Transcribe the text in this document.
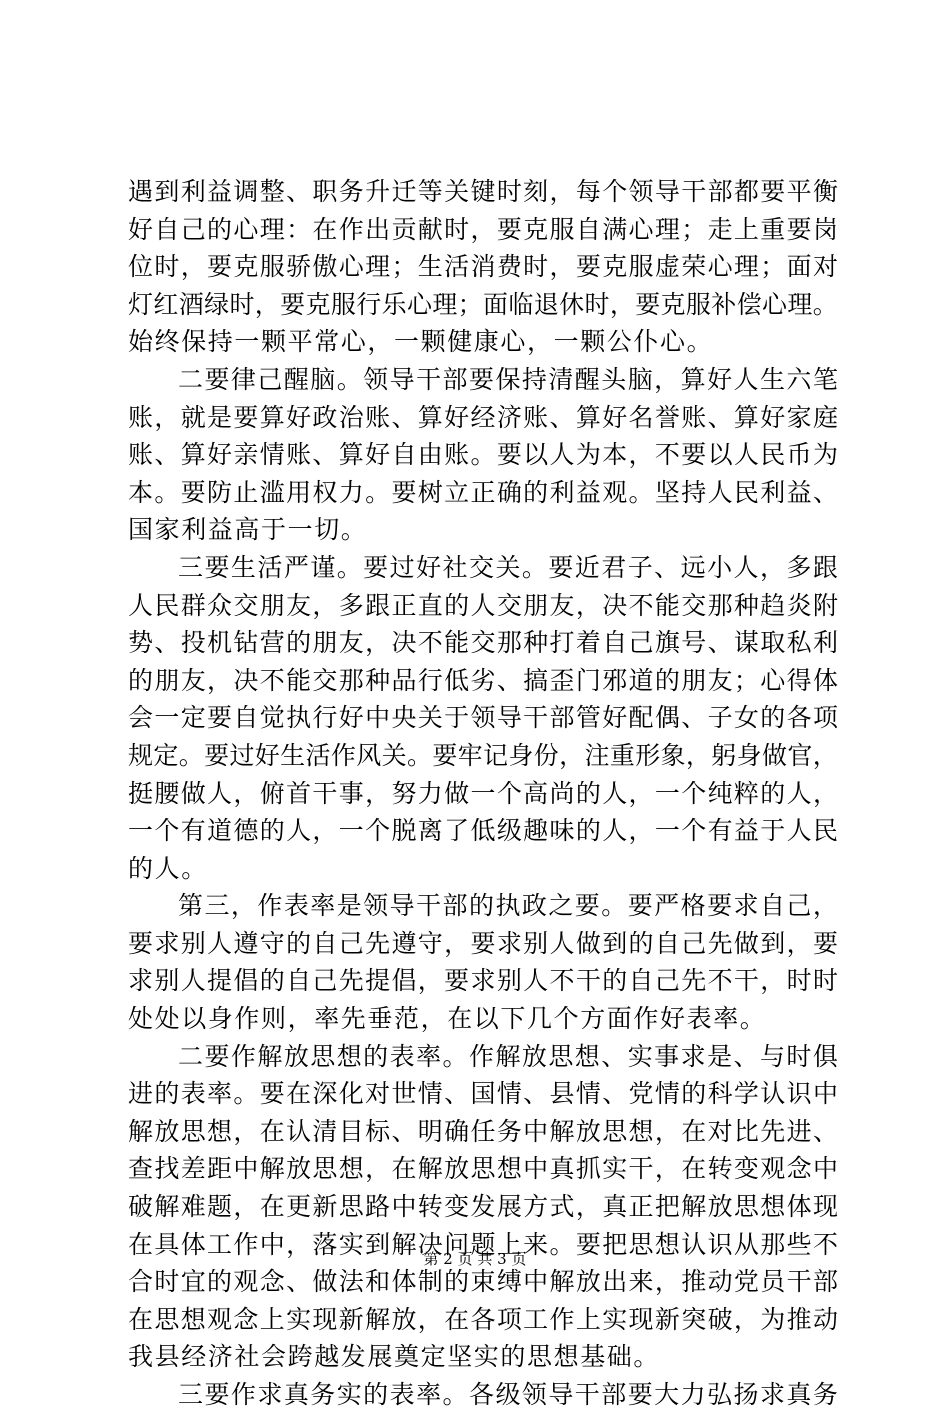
遇 到 利 益 调 整 、 职 务 升 迁 等 关 键 时 刻 ， 每 个 领 导 干 部 都 要 平 衡
好 自 己 的 心 理 ： 在 作 出 贡 献 时 ， 要 克 服 自 满 心 理 ； 走 上 重 要 岗
位 时 ， 要 克 服 骄 傲 心 理 ； 生 活 消 费 时 ， 要 克 服 虚 荣 心 理 ； 面 对
灯 红 酒 绿 时 ， 要 克 服 行 乐 心 理 ； 面 临 退 休 时 ， 要 克 服 补 偿 心 理 。
始终保持一颗平常心，一颗健康心，一颗公仆心。
二 要 律 己 醒 脑 。 领 导 干 部 要 保 持 清 醒 头 脑 ， 算 好 人 生 六 笔
账 ， 就 是 要 算 好 政 治 账 、 算 好 经 济 账 、 算 好 名 誉 账 、 算 好 家 庭
账 、 算 好 亲 情 账 、 算 好 自 由 账 。 要 以 人 为 本 ， 不 要 以 人 民 币 为
本 。 要 防 止 滥 用 权 力 。 要 树 立 正 确 的 利 益 观 。 坚 持 人 民 利 益 、
国家利益高于一切。
三 要 生 活 严 谨 。 要 过 好 社 交 关 。 要 近 君 子 、 远 小 人 ， 多 跟
人 民 群 众 交 朋 友 ， 多 跟 正 直 的 人 交 朋 友 ， 决 不 能 交 那 种 趋 炎 附
势 、 投 机 钻 营 的 朋 友 ， 决 不 能 交 那 种 打 着 自 己 旗 号 、 谋 取 私 利
的 朋 友 ， 决 不 能 交 那 种 品 行 低 劣 、 搞 歪 门 邪 道 的 朋 友 ； 心 得 体
会 一 定 要 自 觉 执 行 好 中 央 关 于 领 导 干 部 管 好 配 偶 、 子 女 的 各 项
规 定 。 要 过 好 生 活 作 风 关 。 要 牢 记 身 份 ， 注 重 形 象 ， 躬 身 做 官 ，
挺 腰 做 人 ， 俯 首 干 事 ， 努 力 做 一 个 高 尚 的 人 ， 一 个 纯 粹 的 人 ，
一 个 有 道 德 的 人 ， 一 个 脱 离 了 低 级 趣 味 的 人 ， 一 个 有 益 于 人 民
的人。
第 三 ， 作 表 率 是 领 导 干 部 的 执 政 之 要 。 要 严 格 要 求 自 己 ，
要 求 别 人 遵 守 的 自 己 先 遵 守 ， 要 求 别 人 做 到 的 自 己 先 做 到 ， 要
求 别 人 提 倡 的 自 己 先 提 倡 ， 要 求 别 人 不 干 的 自 己 先 不 干 ， 时 时
处处以身作则，率先垂范，在以下几个方面作好表率。
二 要 作 解 放 思 想 的 表 率 。 作 解 放 思 想 、 实 事 求 是 、 与 时 俱
进 的 表 率 。 要 在 深 化 对 世 情 、 国 情 、 县 情 、 党 情 的 科 学 认 识 中
解 放 思 想 ， 在 认 清 目 标 、 明 确 任 务 中 解 放 思 想 ， 在 对 比 先 进 、
查 找 差 距 中 解 放 思 想 ， 在 解 放 思 想 中 真 抓 实 干 ， 在 转 变 观 念 中
破 解 难 题 ， 在 更 新 思 路 中 转 变 发 展 方 式 ， 真 正 把 解 放 思 想 体 现
在 具 体 工 作 中 ， 落 实 到 解 决 问 题 上 来 。 要 把 思 想 认 识 从 那 些 不
合 时 宜 的 观 念 、 做 法 和 体 制 的 束 缚 中 解 放 出 来 ， 推 动 党 员 干 部
在 思 想 观 念 上 实 现 新 解 放 ， 在 各 项 工 作 上 实 现 新 突 破 ， 为 推 动
我县经济社会跨越发展奠定坚实的思想基础。
三 要 作 求 真 务 实 的 表 率 。 各 级 领 导 干 部 要 大 力 弘 扬 求 真 务
第 2 页 共 3 页
